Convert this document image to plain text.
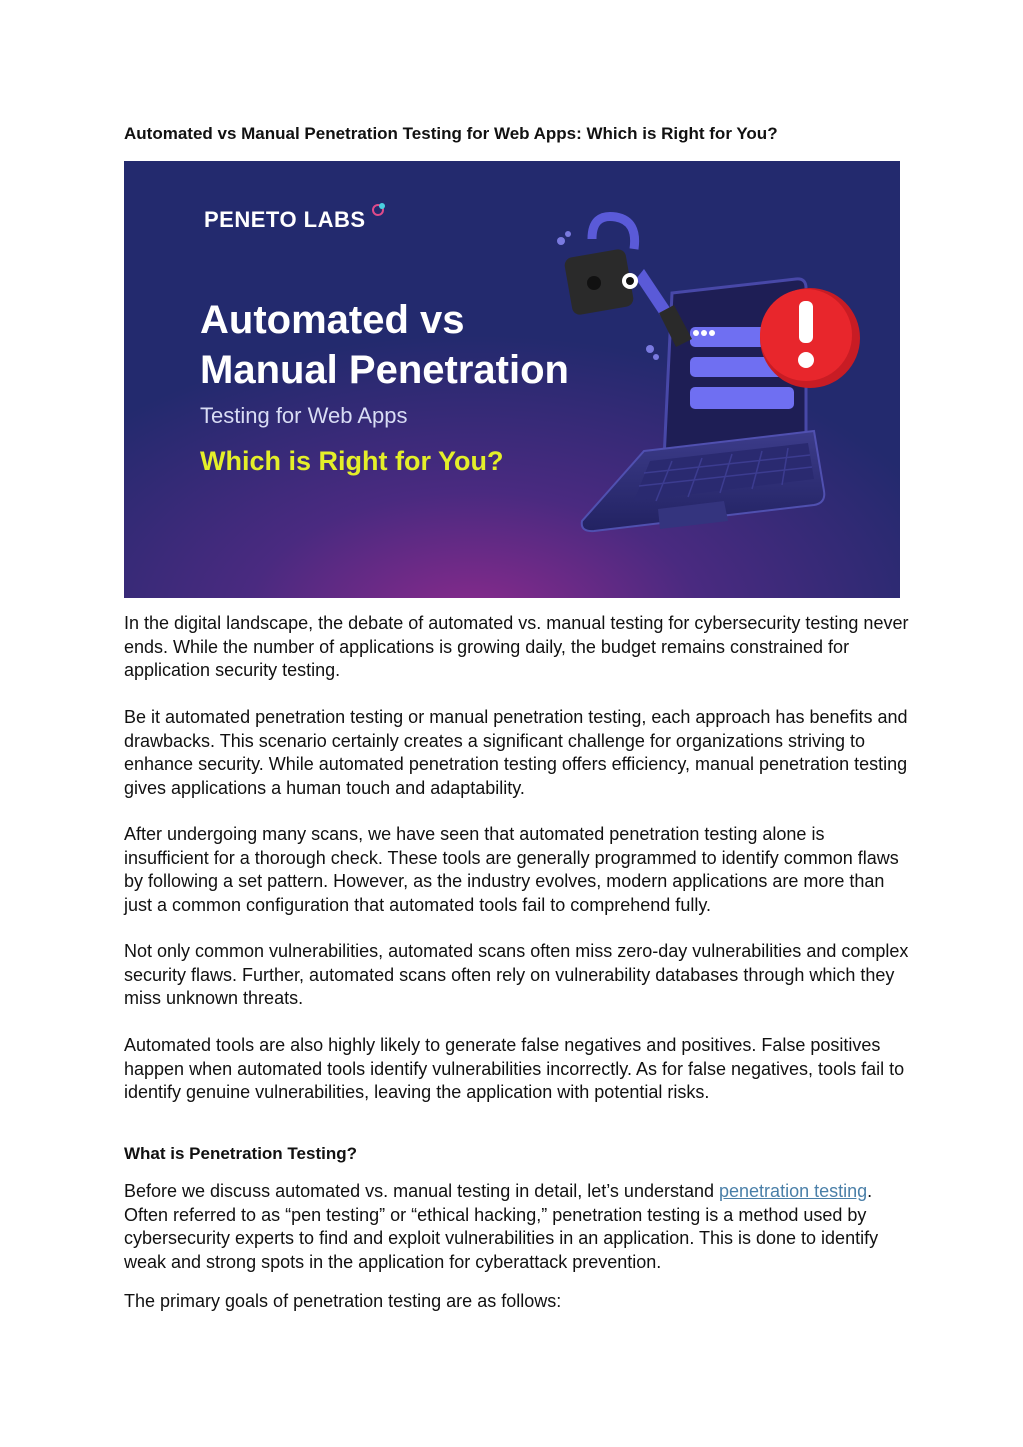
Automated vs Manual Penetration Testing for Web Apps: Which is Right for You?
PENETO LABS
Automated vs
Manual Penetration
Testing for Web Apps
Which is Right for You?

In the digital landscape, the debate of automated vs. manual testing for cybersecurity testing never ends. While the number of applications is growing daily, the budget remains constrained for application security testing.

Be it automated penetration testing or manual penetration testing, each approach has benefits and drawbacks. This scenario certainly creates a significant challenge for organizations striving to enhance security. While automated penetration testing offers efficiency, manual penetration testing gives applications a human touch and adaptability.

After undergoing many scans, we have seen that automated penetration testing alone is insufficient for a thorough check. These tools are generally programmed to identify common flaws by following a set pattern. However, as the industry evolves, modern applications are more than just a common configuration that automated tools fail to comprehend fully.

Not only common vulnerabilities, automated scans often miss zero-day vulnerabilities and complex security flaws. Further, automated scans often rely on vulnerability databases through which they miss unknown threats.

Automated tools are also highly likely to generate false negatives and positives. False positives happen when automated tools identify vulnerabilities incorrectly. As for false negatives, tools fail to identify genuine vulnerabilities, leaving the application with potential risks.

What is Penetration Testing?

Before we discuss automated vs. manual testing in detail, let’s understand penetration testing. Often referred to as “pen testing” or “ethical hacking,” penetration testing is a method used by cybersecurity experts to find and exploit vulnerabilities in an application. This is done to identify weak and strong spots in the application for cyberattack prevention.

The primary goals of penetration testing are as follows:
